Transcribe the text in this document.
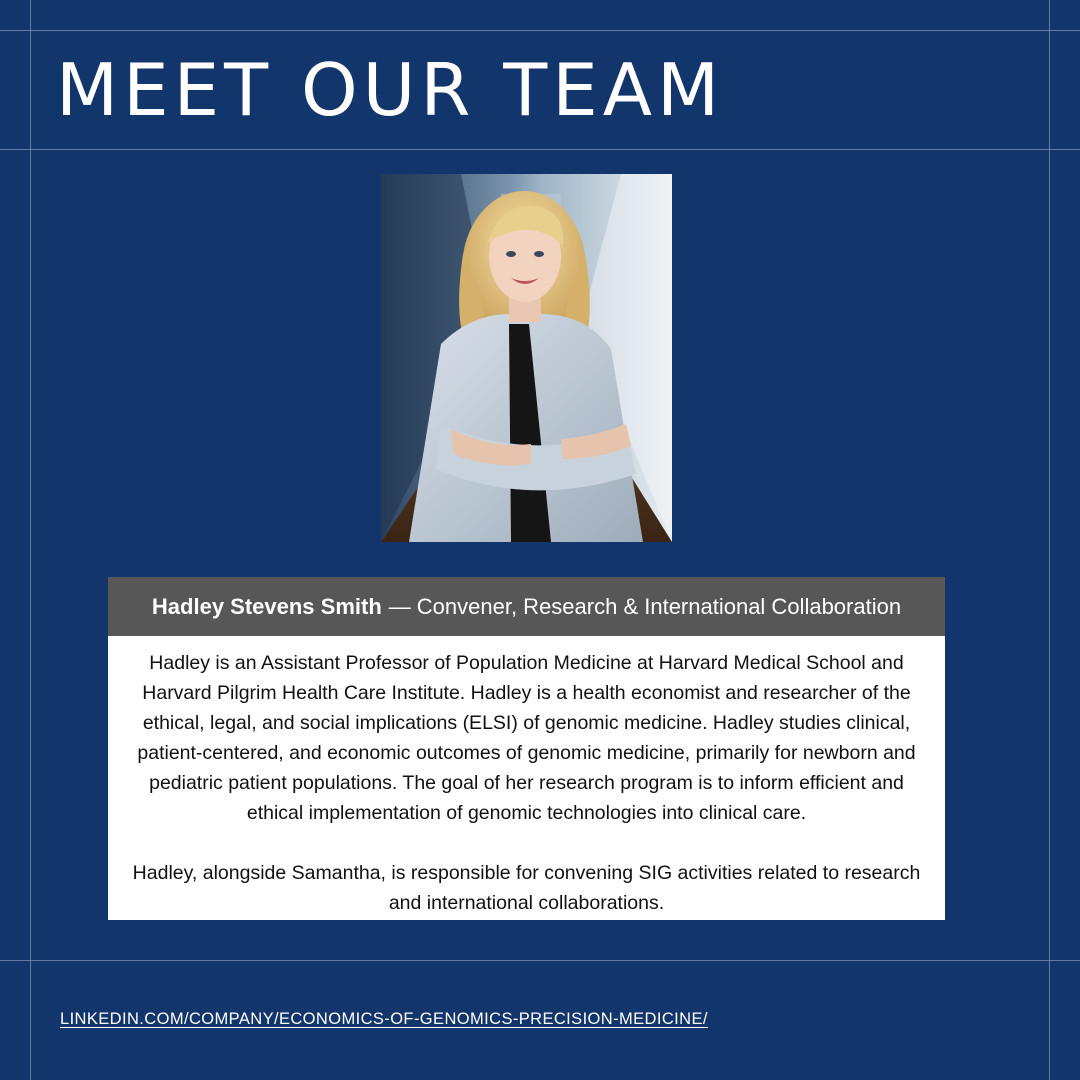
MEET OUR TEAM
Hadley Stevens Smith — Convener, Research & International Collaboration

Hadley is an Assistant Professor of Population Medicine at Harvard Medical School and Harvard Pilgrim Health Care Institute. Hadley is a health economist and researcher of the ethical, legal, and social implications (ELSI) of genomic medicine. Hadley studies clinical, patient-centered, and economic outcomes of genomic medicine, primarily for newborn and pediatric patient populations. The goal of her research program is to inform efficient and ethical implementation of genomic technologies into clinical care.

Hadley, alongside Samantha, is responsible for convening SIG activities related to research and international collaborations.

LINKEDIN.COM/COMPANY/ECONOMICS-OF-GENOMICS-PRECISION-MEDICINE/
